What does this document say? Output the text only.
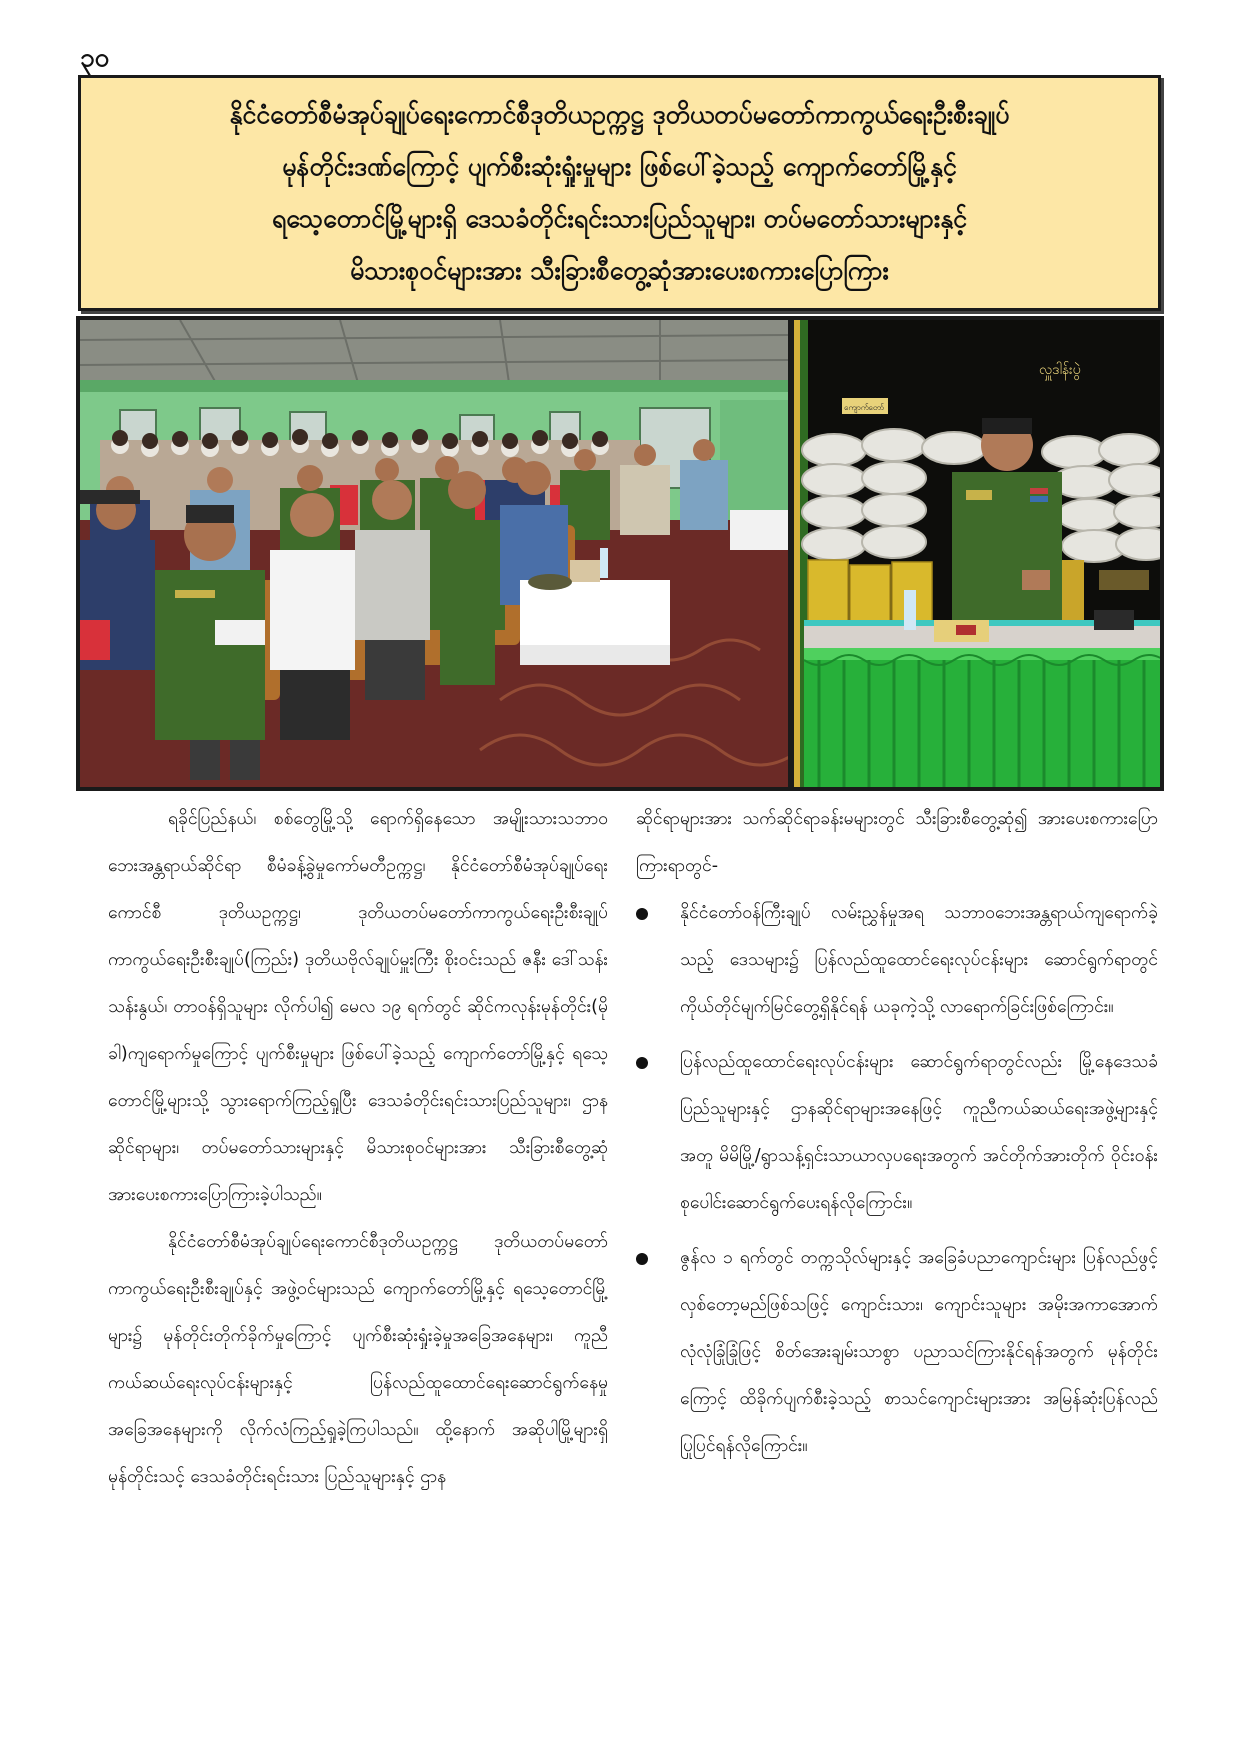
၃၀
နိုင်ငံတော်စီမံအုပ်ချုပ်ရေးကောင်စီဒုတိယဥက္ကဋ္ဌ ဒုတိယတပ်မတော်ကာကွယ်ရေးဦးစီးချုပ်
မုန်တိုင်းဒဏ်ကြောင့် ပျက်စီးဆုံးရှုံးမှုများ ဖြစ်ပေါ်ခဲ့သည့် ကျောက်တော်မြို့နှင့်
ရသေ့တောင်မြို့များရှိ ဒေသခံတိုင်းရင်းသားပြည်သူများ၊ တပ်မတော်သားများနှင့်
မိသားစုဝင်များအား သီးခြားစီတွေ့ဆုံအားပေးစကားပြောကြား
လှူဒါန်းပွဲ
ကျောက်တော်

ရခိုင်ပြည်နယ်၊ စစ်တွေမြို့သို့ ရောက်ရှိနေသော အမျိုးသားသဘာဝဘေးအန္တရာယ်ဆိုင်ရာ စီမံခန့်ခွဲမှုကော်မတီဥက္ကဋ္ဌ၊ နိုင်ငံတော်စီမံအုပ်ချုပ်ရေးကောင်စီ ဒုတိယဥက္ကဋ္ဌ၊ ဒုတိယတပ်မတော်ကာကွယ်ရေးဦးစီးချုပ် ကာကွယ်ရေးဦးစီးချုပ်(ကြည်း) ဒုတိယဗိုလ်ချုပ်မှူးကြီး စိုးဝင်းသည် ဇနီး ဒေါ်သန်းသန်းနွယ်၊ တာဝန်ရှိသူများ လိုက်ပါ၍ မေလ ၁၉ ရက်တွင် ဆိုင်ကလုန်းမုန်တိုင်း(မိုခါ)ကျရောက်မှုကြောင့် ပျက်စီးမှုများ ဖြစ်ပေါ်ခဲ့သည့် ကျောက်တော်မြို့နှင့် ရသေ့တောင်မြို့များသို့ သွားရောက်ကြည့်ရှုပြီး ဒေသခံတိုင်းရင်းသားပြည်သူများ၊ ဌာနဆိုင်ရာများ၊ တပ်မတော်သားများနှင့် မိသားစုဝင်များအား သီးခြားစီတွေ့ဆုံအားပေးစကားပြောကြားခဲ့ပါသည်။

နိုင်ငံတော်စီမံအုပ်ချုပ်ရေးကောင်စီဒုတိယဥက္ကဋ္ဌ ဒုတိယတပ်မတော်ကာကွယ်ရေးဦးစီးချုပ်နှင့် အဖွဲ့ဝင်များသည် ကျောက်တော်မြို့နှင့် ရသေ့တောင်မြို့များ၌ မုန်တိုင်းတိုက်ခိုက်မှုကြောင့် ပျက်စီးဆုံးရှုံးခဲ့မှုအခြေအနေများ၊ ကူညီကယ်ဆယ်ရေးလုပ်ငန်းများနှင့် ပြန်လည်ထူထောင်ရေးဆောင်ရွက်နေမှုအခြေအနေများကို လိုက်လံကြည့်ရှုခဲ့ကြပါသည်။ ထို့နောက် အဆိုပါမြို့များရှိ မုန်တိုင်းသင့် ဒေသခံတိုင်းရင်းသား ပြည်သူများနှင့် ဌာန

ဆိုင်ရာများအား သက်ဆိုင်ရာခန်းမများတွင် သီးခြားစီတွေ့ဆုံ၍ အားပေးစကားပြောကြားရာတွင်-

နိုင်ငံတော်ဝန်ကြီးချုပ် လမ်းညွှန်မှုအရ သဘာဝဘေးအန္တရာယ်ကျရောက်ခဲ့သည့် ဒေသများ၌ ပြန်လည်ထူထောင်ရေးလုပ်ငန်းများ ဆောင်ရွက်ရာတွင် ကိုယ်တိုင်မျက်မြင်တွေ့ရှိနိုင်ရန် ယခုကဲ့သို့ လာရောက်ခြင်းဖြစ်ကြောင်း။
ပြန်လည်ထူထောင်ရေးလုပ်ငန်းများ ဆောင်ရွက်ရာတွင်လည်း မြို့နေဒေသခံပြည်သူများနှင့် ဌာနဆိုင်ရာများအနေဖြင့် ကူညီကယ်ဆယ်ရေးအဖွဲ့များနှင့်အတူ မိမိမြို့/ရွာသန့်ရှင်းသာယာလှပရေးအတွက် အင်တိုက်အားတိုက် ဝိုင်းဝန်းစုပေါင်းဆောင်ရွက်ပေးရန်လိုကြောင်း။
ဇွန်လ ၁ ရက်တွင် တက္ကသိုလ်များနှင့် အခြေခံပညာကျောင်းများ ပြန်လည်ဖွင့်လှစ်တော့မည်ဖြစ်သဖြင့် ကျောင်းသား၊ ကျောင်းသူများ အမိုးအကာအောက် လုံလုံခြုံခြုံဖြင့် စိတ်အေးချမ်းသာစွာ ပညာသင်ကြားနိုင်ရန်အတွက် မုန်တိုင်းကြောင့် ထိခိုက်ပျက်စီးခဲ့သည့် စာသင်ကျောင်းများအား အမြန်ဆုံးပြန်လည်ပြုပြင်ရန်လိုကြောင်း။
